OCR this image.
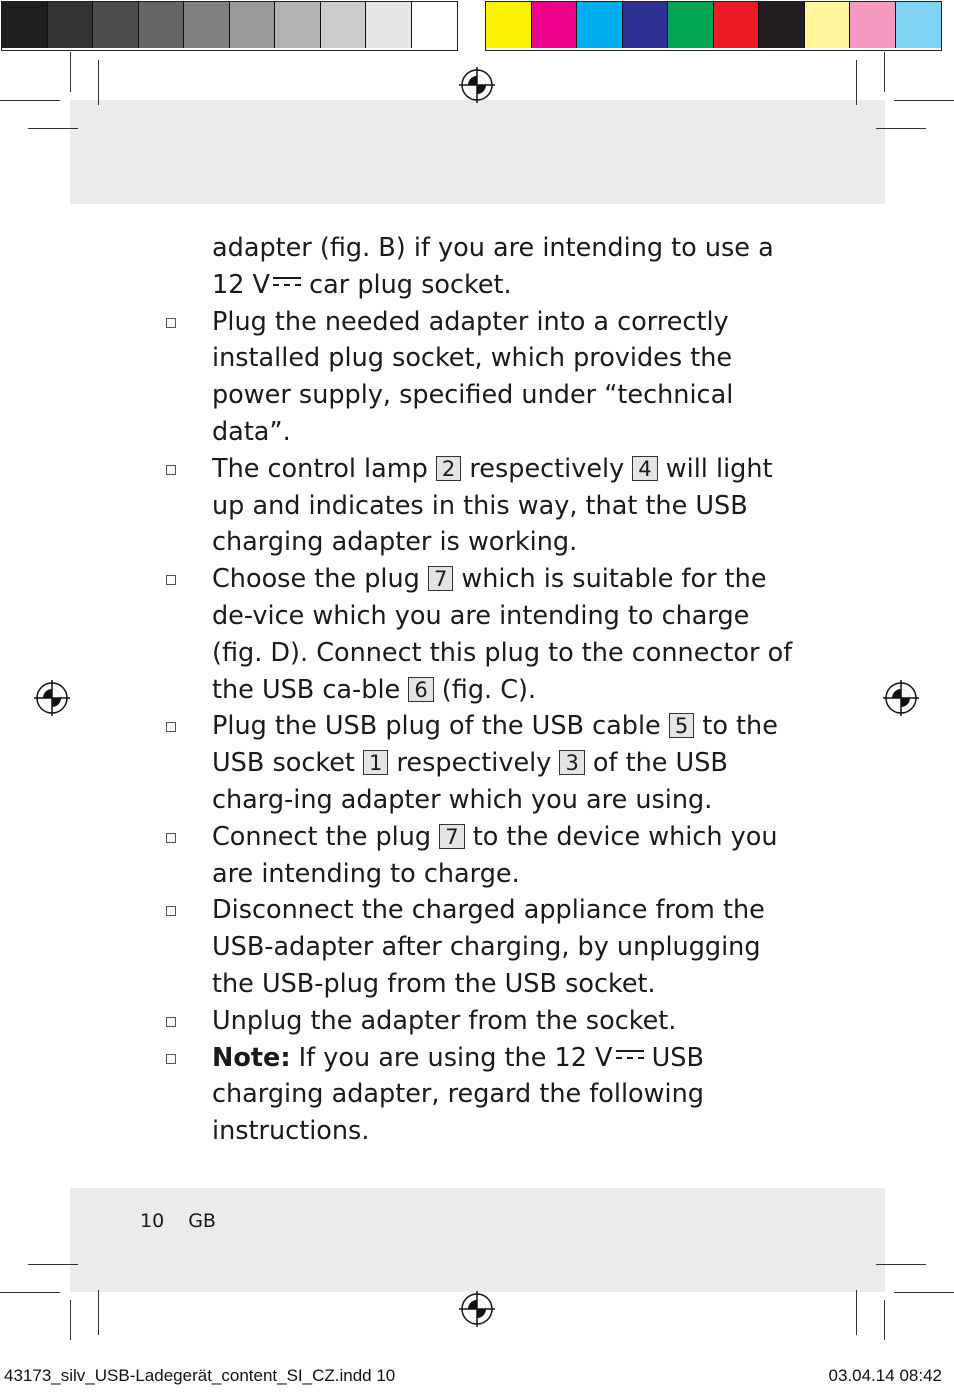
adapter (fig. B) if you are intending to use a
12 V car plug socket.
Plug the needed adapter into a correctly installed plug socket, which provides the power supply, specified under “technical data”.
The control lamp 2 respectively 4 will light up and indicates in this way, that the USB charging adapter is working.
Choose the plug 7 which is suitable for the de-vice which you are intending to charge (fig. D). Connect this plug to the connector of the USB ca-ble 6 (fig. C).
Plug the USB plug of the USB cable 5 to the USB socket 1 respectively 3 of the USB charg-ing adapter which you are using.
Connect the plug 7 to the device which you are intending to charge.
Disconnect the charged appliance from the USB-adapter after charging, by unplugging the USB-plug from the USB socket.
Unplug the adapter from the socket.
Note: If you are using the 12 V USB charging adapter, regard the following instructions.
10 GB
43173_silv_USB-Ladegerät_content_SI_CZ.indd 10	03.04.14 08:42
